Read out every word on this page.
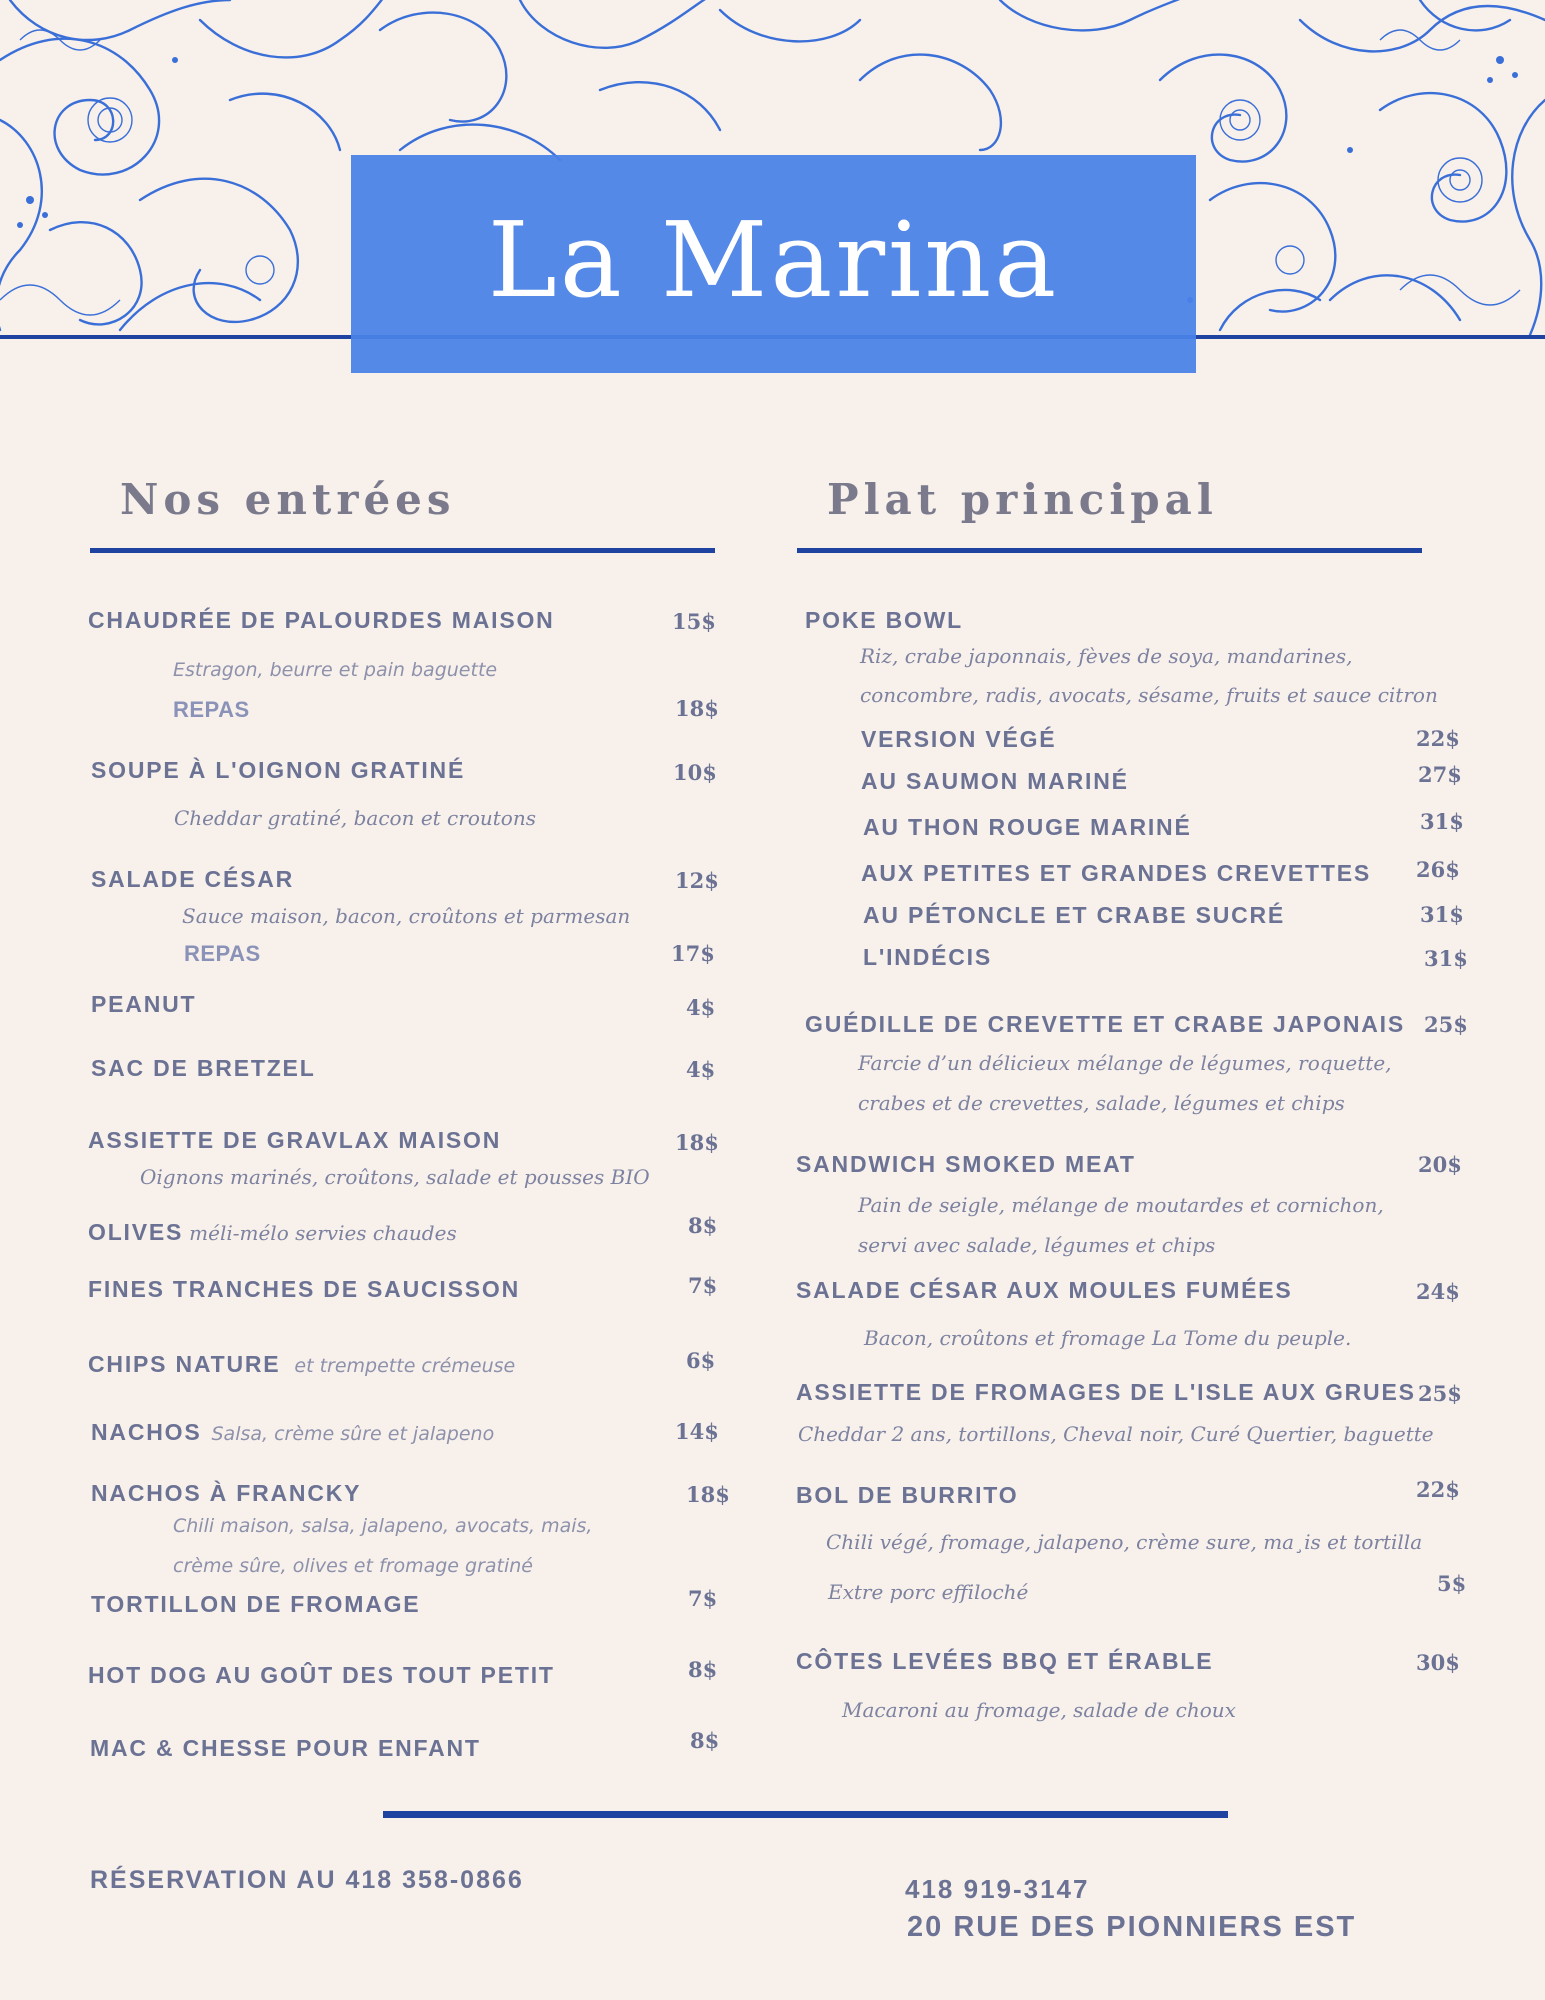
La Marina
Nos entrées	Plat principal
CHAUDRÉE DE PALOURDES MAISON	15$
Estragon, beurre et pain baguette
REPAS	18$
SOUPE À L'OIGNON GRATINÉ	10$
Cheddar gratiné, bacon et croutons
SALADE CÉSAR	12$
Sauce maison, bacon, croûtons et parmesan
REPAS	17$
PEANUT	4$
SAC DE BRETZEL	4$
ASSIETTE DE GRAVLAX MAISON	18$
Oignons marinés, croûtons, salade et pousses BIO
OLIVES méli-mélo servies chaudes	8$
FINES TRANCHES DE SAUCISSON	7$
CHIPS NATURE et trempette crémeuse	6$
NACHOS Salsa, crème sûre et jalapeno	14$
NACHOS À FRANCKY	18$
Chili maison, salsa, jalapeno, avocats, mais,
crème sûre, olives et fromage gratiné
TORTILLON DE FROMAGE	7$
HOT DOG AU GOÛT DES TOUT PETIT	8$
MAC & CHESSE POUR ENFANT	8$
POKE BOWL
Riz, crabe japonnais, fèves de soya, mandarines,
concombre, radis, avocats, sésame, fruits et sauce citron
VERSION VÉGÉ	22$
AU SAUMON MARINÉ	27$
AU THON ROUGE MARINÉ	31$
AUX PETITES ET GRANDES CREVETTES 26$
AU PÉTONCLE ET CRABE SUCRÉ	31$
L'INDÉCIS	31$
GUÉDILLE DE CREVETTE ET CRABE JAPONAIS 25$
Farcie d’un délicieux mélange de légumes, roquette,
crabes et de crevettes, salade, légumes et chips
SANDWICH SMOKED MEAT	20$
Pain de seigle, mélange de moutardes et cornichon,
servi avec salade, légumes et chips
SALADE CÉSAR AUX MOULES FUMÉES	24$
Bacon, croûtons et fromage La Tome du peuple.
ASSIETTE DE FROMAGES DE L'ISLE AUX GRUES 25$
Cheddar 2 ans, tortillons, Cheval noir, Curé Quertier, baguette
BOL DE BURRITO	22$
Chili végé, fromage, jalapeno, crème sure, ma¸is et tortilla
Extre porc effiloché	5$
CÔTES LEVÉES BBQ ET ÉRABLE	30$
Macaroni au fromage, salade de choux
RÉSERVATION AU 418 358-0866	418 919-3147
20 RUE DES PIONNIERS EST
